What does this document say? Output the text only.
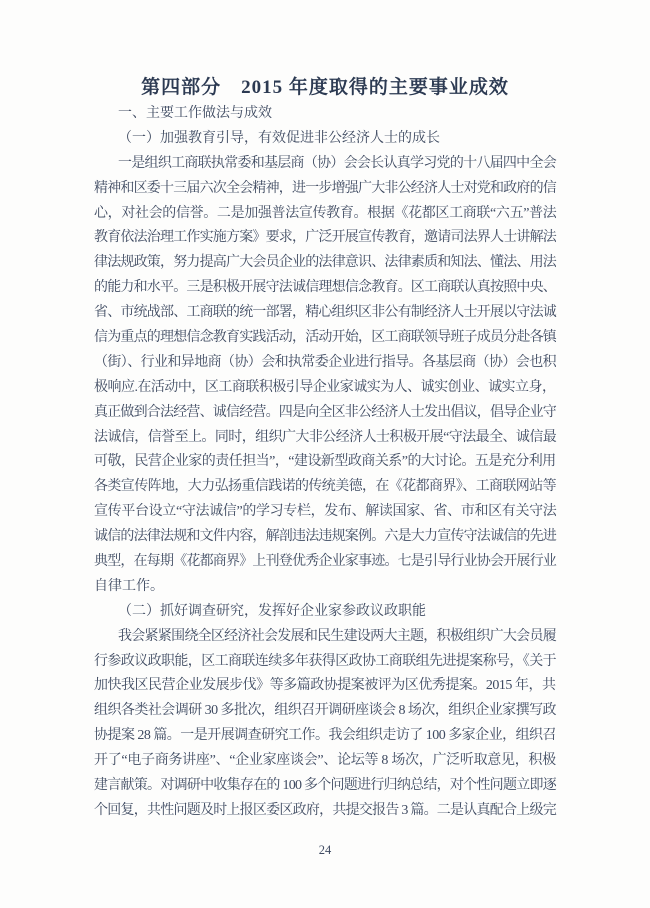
第四部分　2015 年度取得的主要事业成效
一、主要工作做法与成效
（一）加强教育引导，有效促进非公经济人士的成长
一是组织工商联执常委和基层商（协）会会长认真学习党的十八届四中全会
精神和区委十三届六次全会精神，进一步增强广大非公经济人士对党和政府的信
心，对社会的信誉。二是加强普法宣传教育。根据《花都区工商联“六五”普法
教育依法治理工作实施方案》要求，广泛开展宣传教育，邀请司法界人士讲解法
律法规政策，努力提高广大会员企业的法律意识、法律素质和知法、懂法、用法
的能力和水平。三是积极开展守法诚信理想信念教育。区工商联认真按照中央、
省、市统战部、工商联的统一部署，精心组织区非公有制经济人士开展以守法诚
信为重点的理想信念教育实践活动，活动开始，区工商联领导班子成员分赴各镇
（街）、行业和异地商（协）会和执常委企业进行指导。各基层商（协）会也积
极响应.在活动中，区工商联积极引导企业家诚实为人、诚实创业、诚实立身，
真正做到合法经营、诚信经营。四是向全区非公经济人士发出倡议，倡导企业守
法诚信，信誉至上。同时，组织广大非公经济人士积极开展“守法最全、诚信最
可敬，民营企业家的责任担当”，“建设新型政商关系”的大讨论。五是充分利用
各类宣传阵地，大力弘扬重信践诺的传统美德，在《花都商界》、工商联网站等
宣传平台设立“守法诚信”的学习专栏，发布、解读国家、省、市和区有关守法
诚信的法律法规和文件内容，解剖违法违规案例。六是大力宣传守法诚信的先进
典型，在每期《花都商界》上刊登优秀企业家事迹。七是引导行业协会开展行业
自律工作。
（二）抓好调查研究，发挥好企业家参政议政职能
我会紧紧围绕全区经济社会发展和民生建设两大主题，积极组织广大会员履
行参政议政职能，区工商联连续多年获得区政协工商联组先进提案称号，《关于
加快我区民营企业发展步伐》等多篇政协提案被评为区优秀提案。2015 年，共
组织各类社会调研 30 多批次，组织召开调研座谈会 8 场次，组织企业家撰写政
协提案 28 篇。一是开展调查研究工作。我会组织走访了 100 多家企业，组织召
开了“电子商务讲座”、“企业家座谈会”、论坛等 8 场次，广泛听取意见，积极
建言献策。对调研中收集存在的 100 多个问题进行归纳总结，对个性问题立即逐
个回复，共性问题及时上报区委区政府，共提交报告 3 篇。二是认真配合上级完
24
